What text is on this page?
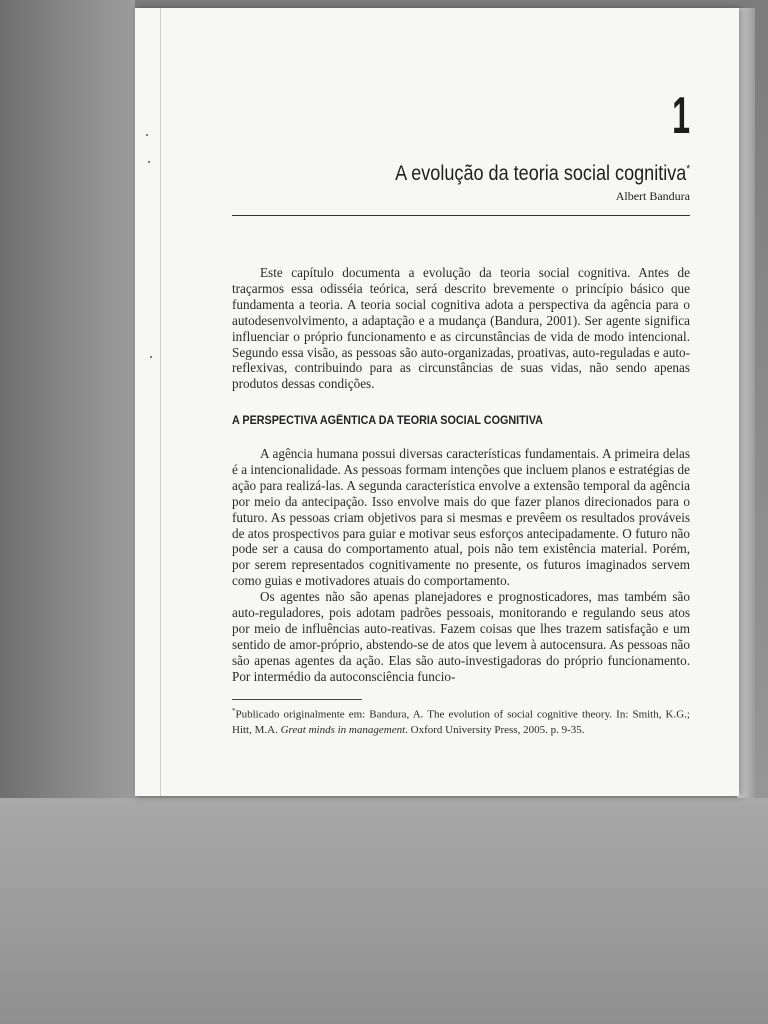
1
A evolução da teoria social cognitiva*
Albert Bandura

Este capítulo documenta a evolução da teoria social cognitiva. Antes de traçarmos essa odisséia teórica, será descrito brevemente o princípio básico que fundamenta a teoria. A teoria social cognitiva adota a perspectiva da agência para o autodesenvolvimento, a adaptação e a mudança (Bandura, 2001). Ser agente significa influenciar o próprio funcionamento e as circunstâncias de vida de modo intencional. Segundo essa visão, as pessoas são auto-organizadas, proativas, auto-reguladas e auto-reflexivas, contribuindo para as circunstâncias de suas vidas, não sendo apenas produtos dessas condições.

A PERSPECTIVA AGÊNTICA DA TEORIA SOCIAL COGNITIVA

A agência humana possui diversas características fundamentais. A primeira delas é a intencionalidade. As pessoas formam intenções que incluem planos e estratégias de ação para realizá-las. A segunda característica envolve a extensão temporal da agência por meio da antecipação. Isso envolve mais do que fazer planos direcionados para o futuro. As pessoas criam objetivos para si mesmas e prevêem os resultados prováveis de atos prospectivos para guiar e motivar seus esforços antecipadamente. O futuro não pode ser a causa do comportamento atual, pois não tem existência material. Porém, por serem representados cognitivamente no presente, os futuros imaginados servem como guias e motivadores atuais do comportamento.

Os agentes não são apenas planejadores e prognosticadores, mas também são auto-reguladores, pois adotam padrões pessoais, monitorando e regulando seus atos por meio de influências auto-reativas. Fazem coisas que lhes trazem satisfação e um sentido de amor-próprio, abstendo-se de atos que levem à autocensura. As pessoas não são apenas agentes da ação. Elas são auto-investigadoras do próprio funcionamento. Por intermédio da autoconsciência funcio-

*Publicado originalmente em: Bandura, A. The evolution of social cognitive theory. In: Smith, K.G.; Hitt, M.A. Great minds in management. Oxford University Press, 2005. p. 9-35.
